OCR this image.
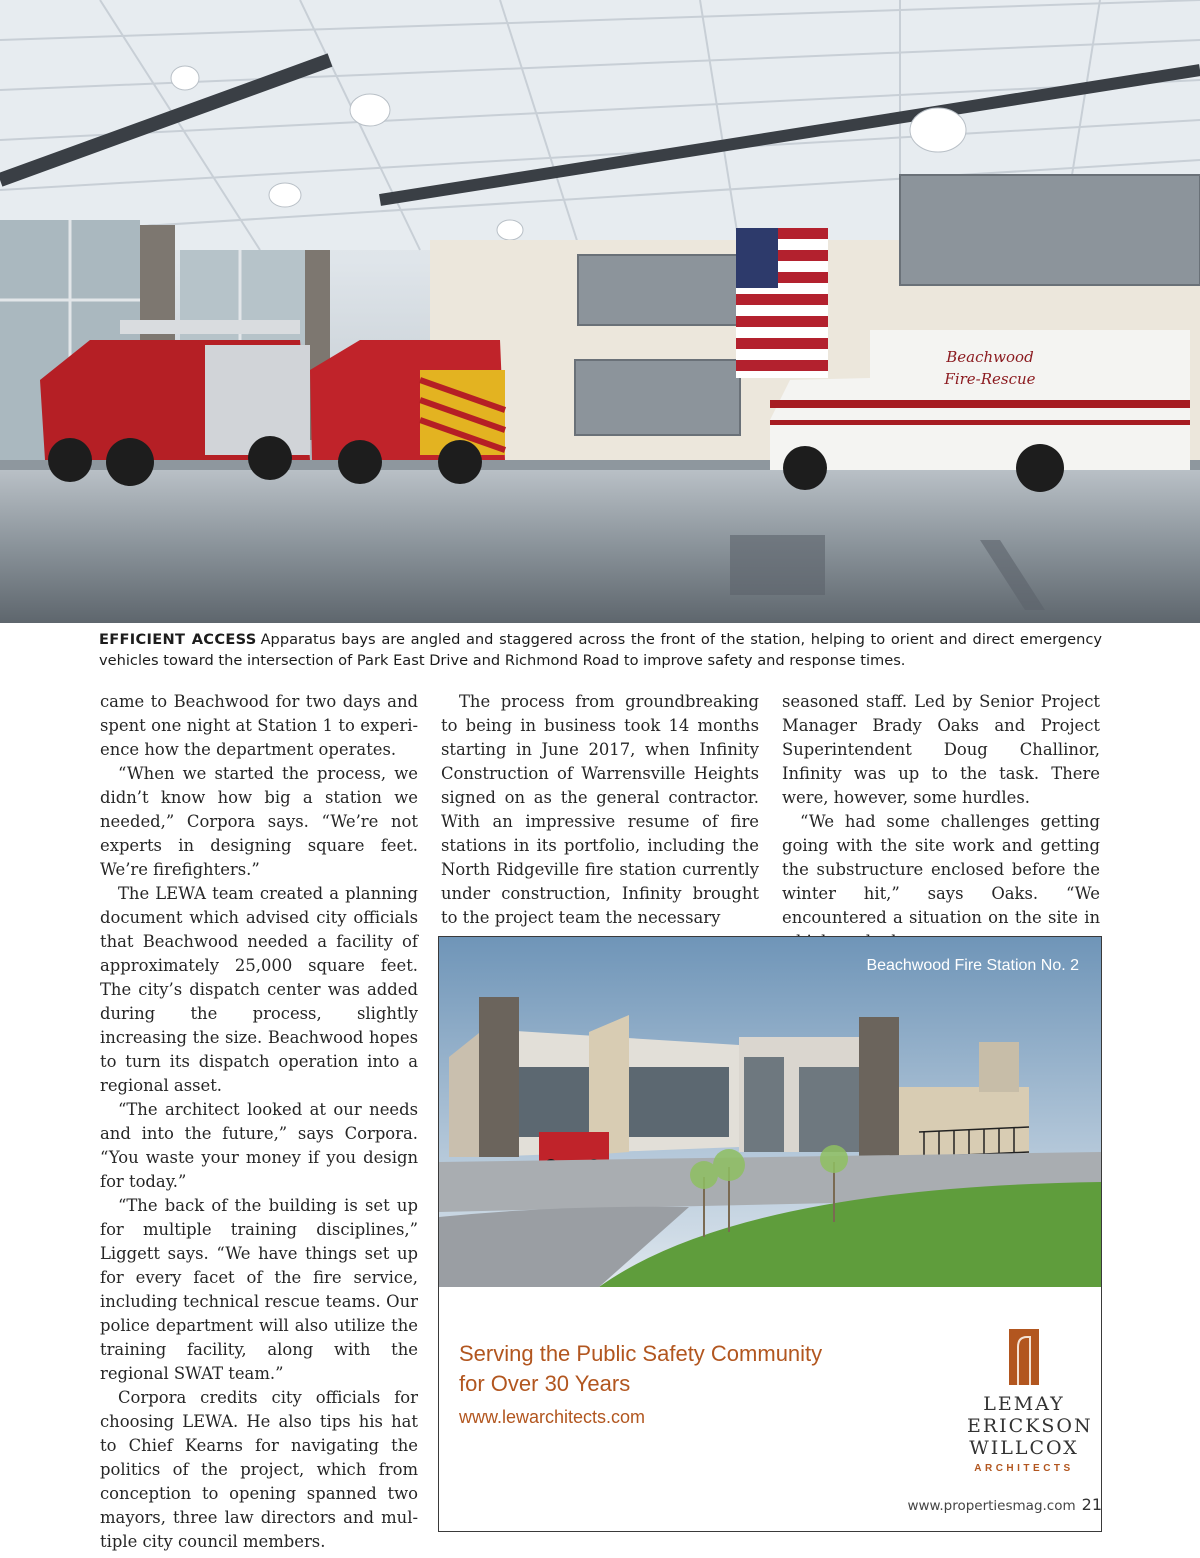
Beachwood
Fire-Rescue
EFFICIENT ACCESS Apparatus bays are angled and staggered across the front of the station, helping to orient and direct emergency vehicles toward the intersection of Park East Drive and Richmond Road to improve safety and response times.

came to Beachwood for two days and spent one night at Station 1 to experi-ence how the department operates.

“When we started the process, we didn’t know how big a station we needed,” Corpora says. “We’re not experts in designing square feet. We’re firefighters.”

The LEWA team created a planning document which advised city officials that Beachwood needed a facility of approximately 25,000 square feet. The city’s dispatch center was added during the process, slightly increasing the size. Beachwood hopes to turn its dispatch operation into a regional asset.

“The architect looked at our needs and into the future,” says Corpora. “You waste your money if you design for today.”

“The back of the building is set up for multiple training disciplines,” Liggett says. “We have things set up for every facet of the fire service, including technical rescue teams. Our police department will also utilize the training facility, along with the regional SWAT team.”

Corpora credits city officials for choosing LEWA. He also tips his hat to Chief Kearns for navigating the politics of the project, which from conception to opening spanned two mayors, three law directors and mul-tiple city council members.

The process from groundbreaking to being in business took 14 months starting in June 2017, when Infinity Construction of Warrensville Heights signed on as the general contractor. With an impressive resume of fire stations in its portfolio, including the North Ridgeville fire station currently under construction, Infinity brought to the project team the necessary

seasoned staff. Led by Senior Project Manager Brady Oaks and Project Superintendent Doug Challinor, Infinity was up to the task. There were, however, some hurdles.

“We had some challenges getting going with the site work and getting the substructure enclosed before the winter hit,” says Oaks. “We encountered a situation on the site in

Beachwood Fire Station No. 2
Serving the Public Safety Community
for Over 30 Years
www.lewarchitects.com
LEMAY
ERICKSON
WILLCOX
ARCHITECTS
www.propertiesmag.com 21
